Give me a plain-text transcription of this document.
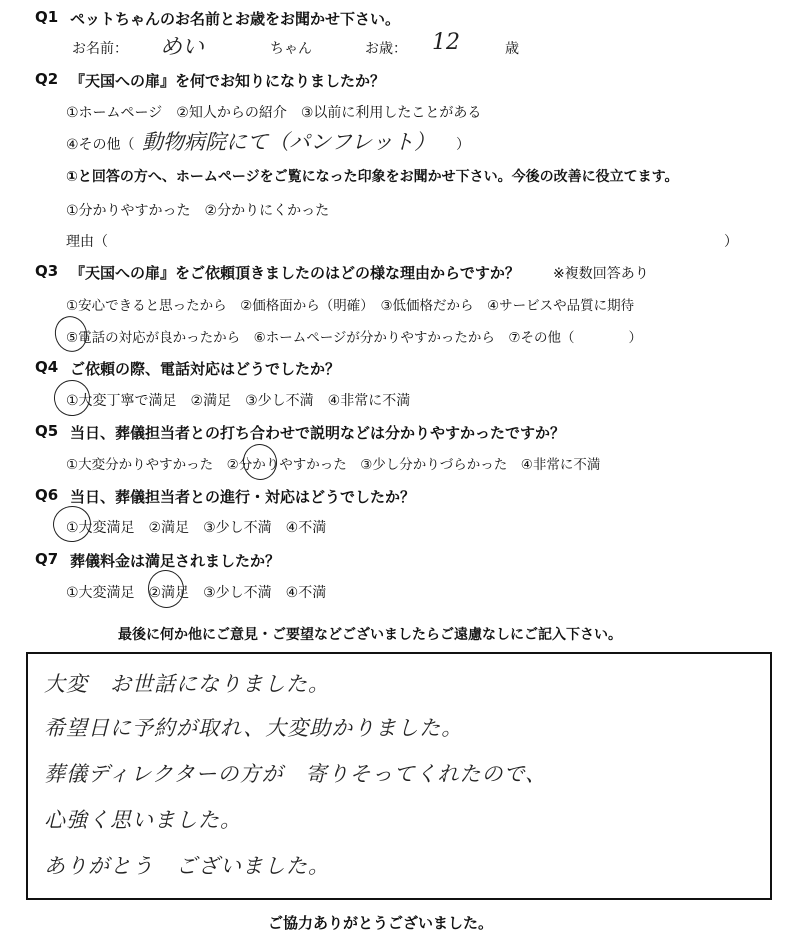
Q1 ペットちゃんのお名前とお歳をお聞かせ下さい。
お名前： めい	ちゃん	お歳： 12	歳
Q2 『天国への扉』を何でお知りになりましたか？
①ホームページ　②知人からの紹介　③以前に利用したことがある
④その他（ 動物病院にて（パンフレット） ）
①と回答の方へ、ホームページをご覧になった印象をお聞かせ下さい。今後の改善に役立てます。
①分かりやすかった　②分かりにくかった
理由（	）
Q3 『天国への扉』をご依頼頂きましたのはどの様な理由からですか？ ※複数回答あり
①安心できると思ったから　②価格面から（明確）　③低価格だから　④サービスや品質に期待
⑤電話の対応が良かったから　⑥ホームページが分かりやすかったから　⑦その他（　　　　）
Q4 ご依頼の際、電話対応はどうでしたか？
①大変丁寧で満足　②満足　③少し不満　④非常に不満
Q5 当日、葬儀担当者との打ち合わせで説明などは分かりやすかったですか？
①大変分かりやすかった　②分かりやすかった　③少し分かりづらかった　④非常に不満
Q6 当日、葬儀担当者との進行・対応はどうでしたか？
①大変満足　②満足　③少し不満　④不満
Q7 葬儀料金は満足されましたか？
①大変満足　②満足　③少し不満　④不満
最後に何か他にご意見・ご要望などございましたらご遠慮なしにご記入下さい。
大変　お世話になりました。
希望日に予約が取れ、大変助かりました。
葬儀ディレクターの方が　寄りそってくれたので、
心強く思いました。
ありがとう　ございました。
ご協力ありがとうございました。
